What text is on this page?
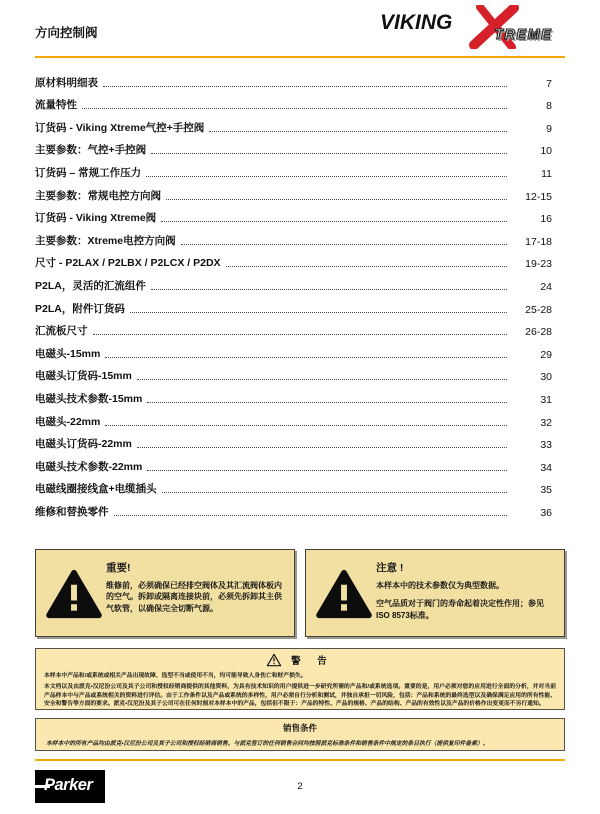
方向控制阀	VIKING
TREME
原材料明细表	7
流量特性	8
订货码 - Viking Xtreme气控+手控阀	9
主要参数：气控+手控阀	10
订货码 – 常规工作压力	11
主要参数：常规电控方向阀	12-15
订货码 - Viking Xtreme阀	16
主要参数：Xtreme电控方向阀	17-18
尺寸 - P2LAX / P2LBX / P2LCX / P2DX	19-23
P2LA，灵活的汇流组件	24
P2LA，附件订货码	25-28
汇流板尺寸	26-28
电磁头-15mm	29
电磁头订货码-15mm	30
电磁头技术参数-15mm	31
电磁头-22mm	32
电磁头订货码-22mm	33
电磁头技术参数-22mm	34
电磁线圈接线盒+电缆插头	35
维修和替换零件	36
重要!
维修前，必须确保已经排空阀体及其汇流阀体板内的空气。拆卸或隔离连接块前，必须先拆卸其主供气软管，以确保完全切断气源。
注意 !
本样本中的技术参数仅为典型数据。
空气品质对于阀门的寿命起着决定性作用；参见ISO 8573标准。
警 告
本样本中产品和/或系统或相关产品出现故障、选型不当或使用不当，均可能导致人身伤亡和财产损失。
本文档以及由派克•汉尼汾公司及其子公司和授权经销商提供的其他资料，为具有技术知识的用户提供进一步研究所需的产品和/或系统选项。重要的是，用户必须对您的应用进行全面的分析，并对当前产品样本中与产品或系统相关的资料进行评估。由于工作条件以及产品或系统的多样性，用户必须自行分析和测试，并独自承担一切风险，包括：产品和系统的最终选型以及确保满足应用的所有性能、安全和警告等方面的要求。派克•汉尼汾及其子公司可在任何时刻对本样本中的产品，包括但不限于：产品的特性、产品的规格、产品的结构、产品的有效性以及产品的价格作出变更而不另行通知。
销售条件
本样本中的所有产品均由派克•汉尼汾公司及其子公司和授权经销商销售。与派克签订的任何销售合同均按照派克标准条件和销售条件中规定的条目执行（提供复印件备索）。
Parker	2
